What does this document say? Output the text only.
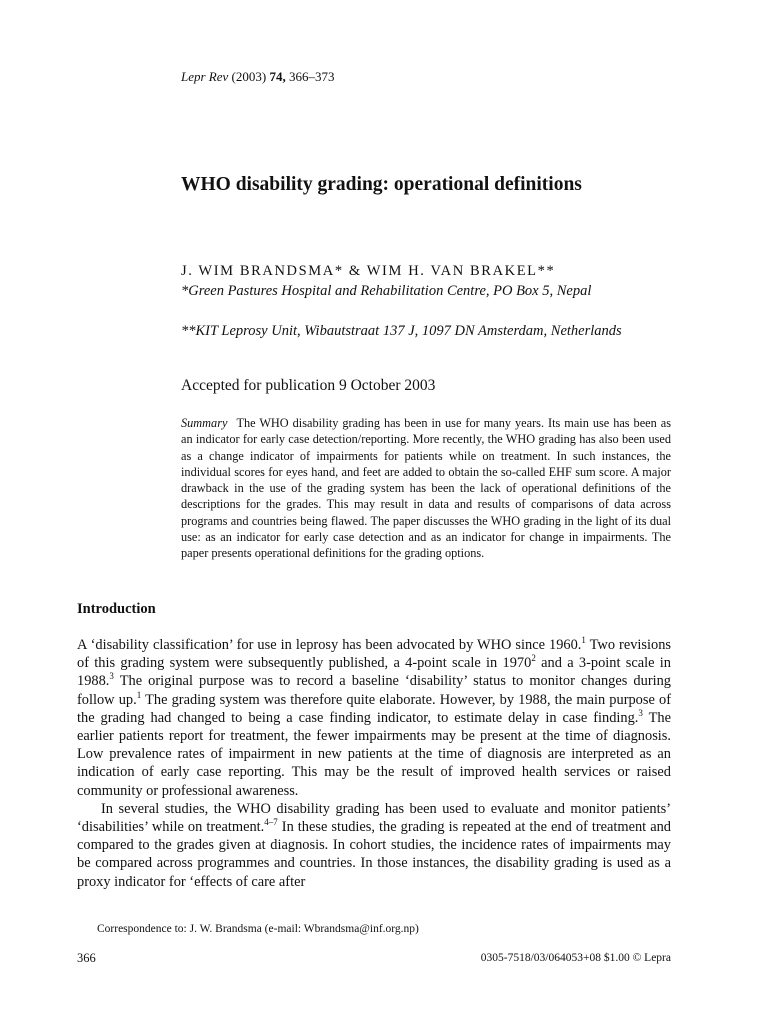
Lepr Rev (2003) 74, 366–373
WHO disability grading: operational definitions
J. WIM BRANDSMA* & WIM H. VAN BRAKEL**
*Green Pastures Hospital and Rehabilitation Centre, PO Box 5, Nepal
**KIT Leprosy Unit, Wibautstraat 137 J, 1097 DN Amsterdam, Netherlands
Accepted for publication 9 October 2003
Summary The WHO disability grading has been in use for many years. Its main use has been as an indicator for early case detection/reporting. More recently, the WHO grading has also been used as a change indicator of impairments for patients while on treatment. In such instances, the individual scores for eyes hand, and feet are added to obtain the so-called EHF sum score. A major drawback in the use of the grading system has been the lack of operational definitions of the descriptions for the grades. This may result in data and results of comparisons of data across programs and countries being flawed. The paper discusses the WHO grading in the light of its dual use: as an indicator for early case detection and as an indicator for change in impairments. The paper presents operational definitions for the grading options.
Introduction

A ‘disability classification’ for use in leprosy has been advocated by WHO since 1960.$^1$ Two revisions of this grading system were subsequently published, a 4-point scale in 1970$^2$ and a 3-point scale in 1988.$^3$ The original purpose was to record a baseline ‘disability’ status to monitor changes during follow up.$^1$ The grading system was therefore quite elaborate. However, by 1988, the main purpose of the grading had changed to being a case finding indicator, to estimate delay in case finding.$^3$ The earlier patients report for treatment, the fewer impairments may be present at the time of diagnosis. Low prevalence rates of impairment in new patients at the time of diagnosis are interpreted as an indication of early case reporting. This may be the result of improved health services or raised community or professional awareness.

In several studies, the WHO disability grading has been used to evaluate and monitor patients’ ‘disabilities’ while on treatment.$^{4-7}$ In these studies, the grading is repeated at the end of treatment and compared to the grades given at diagnosis. In cohort studies, the incidence rates of impairments may be compared across programmes and countries. In those instances, the disability grading is used as a proxy indicator for ‘effects of care after

Correspondence to: J. W. Brandsma (e-mail: Wbrandsma@inf.org.np)
366	0305-7518/03/064053+08 $1.00 © Lepra
